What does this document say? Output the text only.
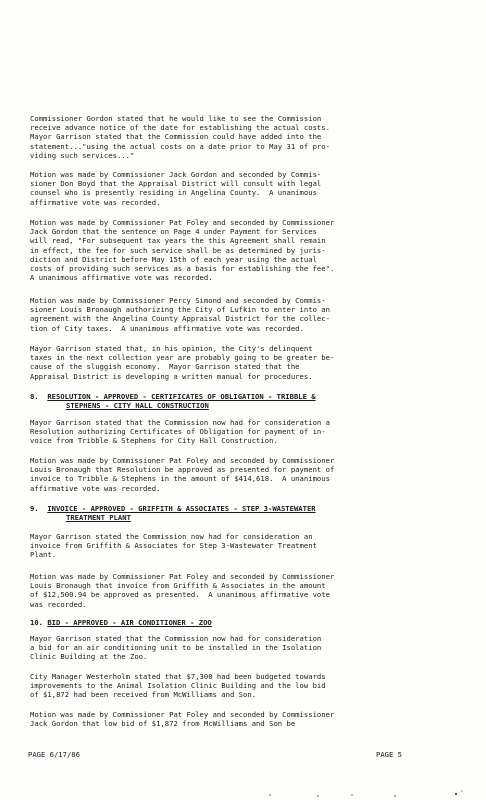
Commissioner Gordon stated that he would like to see the Commission
receive advance notice of the date for establishing the actual costs.
Mayor Garrison stated that the Commission could have added into the
statement..."using the actual costs on a date prior to May 31 of pro-
viding such services..."

Motion was made by Commissioner Jack Gordon and seconded by Commis-
sioner Don Boyd that the Appraisal District will consult with legal
counsel who is presently residing in Angelina County.  A unanimous
affirmative vote was recorded.

Motion was made by Commissioner Pat Foley and seconded by Commissioner
Jack Gordon that the sentence on Page 4 under Payment for Services
will read, "For subsequent tax years the this Agreement shall remain
in effect, the fee for such service shall be as determined by juris-
diction and District before May 15th of each year using the actual
costs of providing such services as a basis for establishing the fee".
A unanimous affirmative vote was recorded.

Motion was made by Commissioner Percy Simond and seconded by Commis-
sioner Louis Bronaugh authorizing the City of Lufkin to enter into an
agreement with the Angelina County Appraisal District for the collec-
tion of City taxes.  A unanimous affirmative vote was recorded.

Mayor Garrison stated that, in his opinion, the City's delinquent
taxes in the next collection year are probably going to be greater be-
cause of the sluggish economy.  Mayor Garrison stated that the
Appraisal District is developing a written manual for procedures.

8. RESOLUTION - APPROVED - CERTIFICATES OF OBLIGATION - TRIBBLE &
STEPHENS - CITY HALL CONSTRUCTION

Mayor Garrison stated that the Commission now had for consideration a
Resolution authorizing Certificates of Obligation for payment of in-
voice from Tribble & Stephens for City Hall Construction.

Motion was made by Commissioner Pat Foley and seconded by Commissioner
Louis Bronaugh that Resolution be approved as presented for payment of
invoice to Tribble & Stephens in the amount of $414,618.  A unanimous
affirmative vote was recorded.

9. INVOICE - APPROVED - GRIFFITH & ASSOCIATES - STEP 3-WASTEWATER
TREATMENT PLANT

Mayor Garrison stated the Commission now had for consideration an
invoice from Griffith & Associates for Step 3-Wastewater Treatment
Plant.

Motion was made by Commissioner Pat Foley and seconded by Commissioner
Louis Bronaugh that invoice from Griffith & Associates in the amount
of $12,500.94 be approved as presented.  A unanimous affirmative vote
was recorded.

10. BID - APPROVED - AIR CONDITIONER - ZOO

Mayor Garrison stated that the Commission now had for consideration
a bid for an air conditioning unit to be installed in the Isolation
Clinic Building at the Zoo.

City Manager Westerholm stated that $7,300 had been budgeted towards
improvements to the Animal Isolation Clinic Building and the low bid
of $1,872 had been received from McWilliams and Son.

Motion was made by Commissioner Pat Foley and seconded by Commissioner
Jack Gordon that low bid of $1,872 from McWilliams and Son be

PAGE 6/17/86	PAGE 5
